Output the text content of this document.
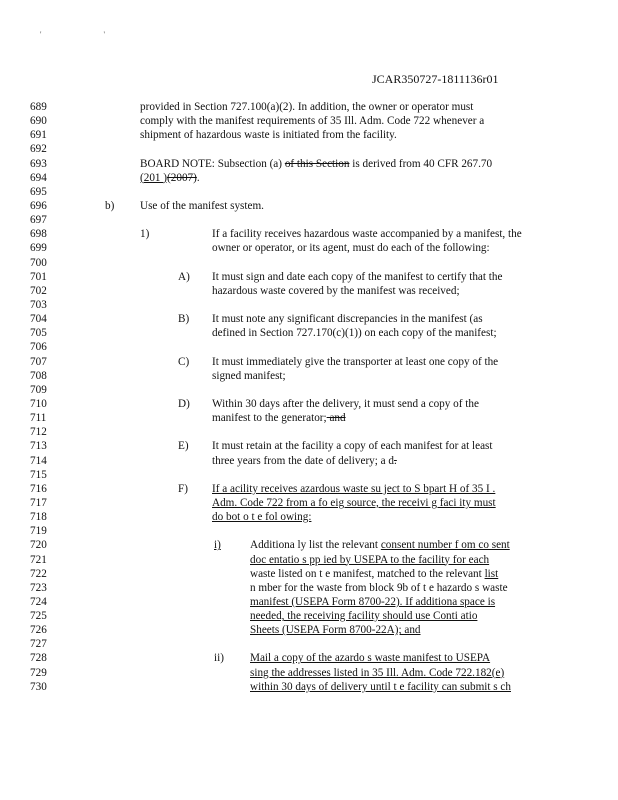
' '
JCAR350727-1811136r01
689	provided in Section 727.100(a)(2). In addition, the owner or operator must
690	comply with the manifest requirements of 35 Ill. Adm. Code 722 whenever a
691	shipment of hazardous waste is initiated from the facility.
692
693	BOARD NOTE: Subsection (a) of this Section is derived from 40 CFR 267.70
694	(201 )(2007).
695
696	b) Use of the manifest system.
697
698	1)	If a facility receives hazardous waste accompanied by a manifest, the
699	owner or operator, or its agent, must do each of the following:
700
701	A) It must sign and date each copy of the manifest to certify that the
702	hazardous waste covered by the manifest was received;
703
704	B) It must note any significant discrepancies in the manifest (as
705	defined in Section 727.170(c)(1)) on each copy of the manifest;
706
707	C) It must immediately give the transporter at least one copy of the
708	signed manifest;
709
710	D) Within 30 days after the delivery, it must send a copy of the
711	manifest to the generator; and
712
713	E) It must retain at the facility a copy of each manifest for at least
714	three years from the date of delivery; a d.
715
716	F) If a acility receives azardous waste su ject to S bpart H of 35 I .
717	Adm. Code 722 from a fo eig source, the receivi g faci ity must
718	do bot o t e fol owing:
719
720	i)	Additiona ly list the relevant consent number f om co sent
721	doc entatio s pp ied by USEPA to the facility for each
722	waste listed on t e manifest, matched to the relevant list
723	n mber for the waste from block 9b of t e hazardo s waste
724	manifest (USEPA Form 8700-22). If additiona space is
725	needed, the receiving facility should use Conti atio
726	Sheets (USEPA Form 8700-22A); and
727
728	ii) Mail a copy of the azardo s waste manifest to USEPA
729	sing the addresses listed in 35 Ill. Adm. Code 722.182(e)
730	within 30 days of delivery until t e facility can submit s ch
